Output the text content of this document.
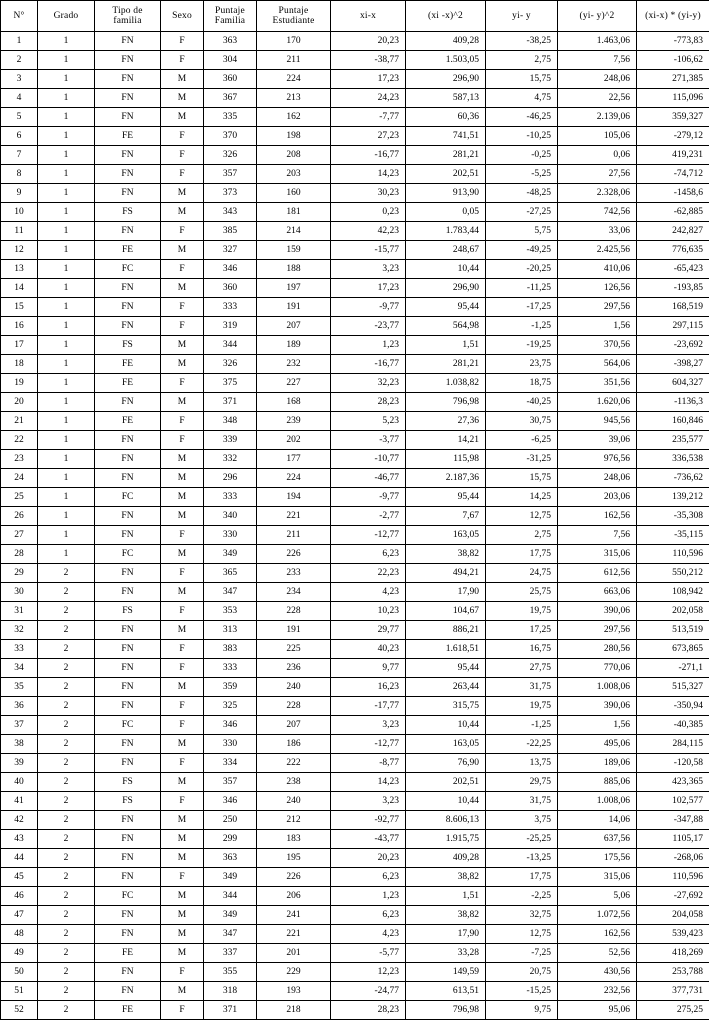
N°	Grado	Tipo de familia	Sexo	Puntaje Familia	Puntaje Estudiante	xi-x	(xi -x)^2	yi- y	(yi- y)^2	(xi-x) * (yi-y)
1	1	FN	F	363	170	20,23	409,28	-38,25	1.463,06	-773,83
2	1	FN	F	304	211	-38,77	1.503,05	2,75	7,56	-106,62
3	1	FN	M	360	224	17,23	296,90	15,75	248,06	271,385
4	1	FN	M	367	213	24,23	587,13	4,75	22,56	115,096
5	1	FN	M	335	162	-7,77	60,36	-46,25	2.139,06	359,327
6	1	FE	F	370	198	27,23	741,51	-10,25	105,06	-279,12
7	1	FN	F	326	208	-16,77	281,21	-0,25	0,06	419,231
8	1	FN	F	357	203	14,23	202,51	-5,25	27,56	-74,712
9	1	FN	M	373	160	30,23	913,90	-48,25	2.328,06	-1458,6
10	1	FS	M	343	181	0,23	0,05	-27,25	742,56	-62,885
11	1	FN	F	385	214	42,23	1.783,44	5,75	33,06	242,827
12	1	FE	M	327	159	-15,77	248,67	-49,25	2.425,56	776,635
13	1	FC	F	346	188	3,23	10,44	-20,25	410,06	-65,423
14	1	FN	M	360	197	17,23	296,90	-11,25	126,56	-193,85
15	1	FN	F	333	191	-9,77	95,44	-17,25	297,56	168,519
16	1	FN	F	319	207	-23,77	564,98	-1,25	1,56	297,115
17	1	FS	M	344	189	1,23	1,51	-19,25	370,56	-23,692
18	1	FE	M	326	232	-16,77	281,21	23,75	564,06	-398,27
19	1	FE	F	375	227	32,23	1.038,82	18,75	351,56	604,327
20	1	FN	M	371	168	28,23	796,98	-40,25	1.620,06	-1136,3
21	1	FE	F	348	239	5,23	27,36	30,75	945,56	160,846
22	1	FN	F	339	202	-3,77	14,21	-6,25	39,06	235,577
23	1	FN	M	332	177	-10,77	115,98	-31,25	976,56	336,538
24	1	FN	M	296	224	-46,77	2.187,36	15,75	248,06	-736,62
25	1	FC	M	333	194	-9,77	95,44	14,25	203,06	139,212
26	1	FN	M	340	221	-2,77	7,67	12,75	162,56	-35,308
27	1	FN	F	330	211	-12,77	163,05	2,75	7,56	-35,115
28	1	FC	M	349	226	6,23	38,82	17,75	315,06	110,596
29	2	FN	F	365	233	22,23	494,21	24,75	612,56	550,212
30	2	FN	M	347	234	4,23	17,90	25,75	663,06	108,942
31	2	FS	F	353	228	10,23	104,67	19,75	390,06	202,058
32	2	FN	M	313	191	29,77	886,21	17,25	297,56	513,519
33	2	FN	F	383	225	40,23	1.618,51	16,75	280,56	673,865
34	2	FN	F	333	236	9,77	95,44	27,75	770,06	-271,1
35	2	FN	M	359	240	16,23	263,44	31,75	1.008,06	515,327
36	2	FN	F	325	228	-17,77	315,75	19,75	390,06	-350,94
37	2	FC	F	346	207	3,23	10,44	-1,25	1,56	-40,385
38	2	FN	M	330	186	-12,77	163,05	-22,25	495,06	284,115
39	2	FN	F	334	222	-8,77	76,90	13,75	189,06	-120,58
40	2	FS	M	357	238	14,23	202,51	29,75	885,06	423,365
41	2	FS	F	346	240	3,23	10,44	31,75	1.008,06	102,577
42	2	FN	M	250	212	-92,77	8.606,13	3,75	14,06	-347,88
43	2	FN	M	299	183	-43,77	1.915,75	-25,25	637,56	1105,17
44	2	FN	M	363	195	20,23	409,28	-13,25	175,56	-268,06
45	2	FN	F	349	226	6,23	38,82	17,75	315,06	110,596
46	2	FC	M	344	206	1,23	1,51	-2,25	5,06	-27,692
47	2	FN	M	349	241	6,23	38,82	32,75	1.072,56	204,058
48	2	FN	M	347	221	4,23	17,90	12,75	162,56	539,423
49	2	FE	M	337	201	-5,77	33,28	-7,25	52,56	418,269
50	2	FN	F	355	229	12,23	149,59	20,75	430,56	253,788
51	2	FN	M	318	193	-24,77	613,51	-15,25	232,56	377,731
52	2	FE	F	371	218	28,23	796,98	9,75	95,06	275,25
